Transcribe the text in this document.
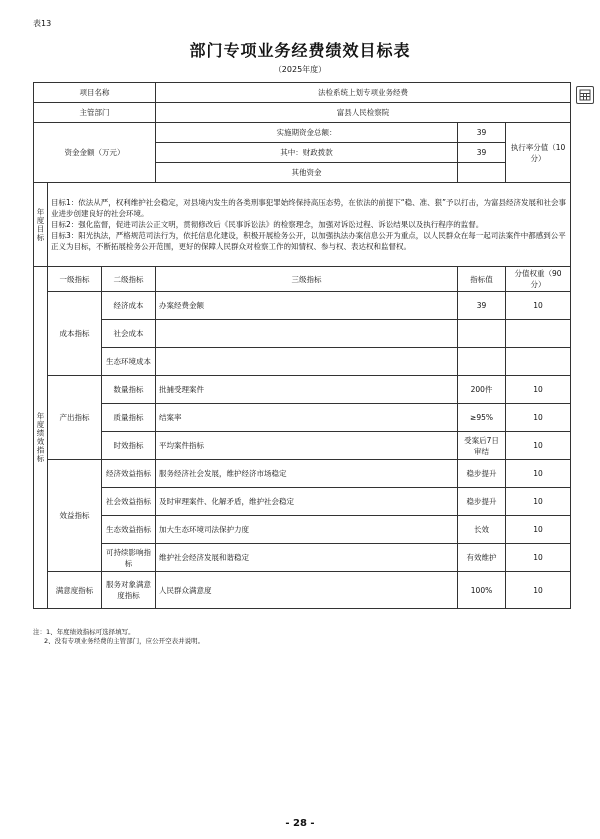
表13
部门专项业务经费绩效目标表
（2025年度）
项目名称			法检系统上划专项业务经费		
主管部门			富县人民检察院		
资金金额（万元）			实施期资金总额：	39	执行率分值（10分）
			其中：财政拨款	39	
			其他资金		
年度目标	目标1：依法从严，权利维护社会稳定，对县境内发生的各类刑事犯罪始终保持高压态势，在依法的前提下“稳、准、狠”予以打击，为富县经济发展和社会事业进步创建良好的社会环境。
目标2：强化监督，促进司法公正文明，贯彻修改后《民事诉讼法》的检察理念，加强对诉讼过程、诉讼结果以及执行程序的监督。
目标3：阳光执法，严格规范司法行为，依托信息化建设，积极开展检务公开，以加强执法办案信息公开为重点，以人民群众在每一起司法案件中都感到公平正义为目标，不断拓展检务公开范围，更好的保障人民群众对检察工作的知情权、参与权、表达权和监督权。				

年度绩效指标	一级指标	二级指标	三级指标	指标值	分值权重（90分）
	成本指标	经济成本	办案经费金额	39	10
		社会成本			
		生态环境成本			
	产出指标	数量指标	批捕受理案件	200件	10
		质量指标	结案率	≥95%	10
		时效指标	平均案件指标	受案后7日审结	10
	效益指标	经济效益指标	服务经济社会发展，维护经济市场稳定	稳步提升	10
		社会效益指标	及时审理案件、化解矛盾，维护社会稳定	稳步提升	10
		生态效益指标	加大生态环境司法保护力度	长效	10
		可持续影响指标	维护社会经济发展和谐稳定	有效维护	10
	满意度指标	服务对象满意度指标	人民群众满意度	100%	10
注：1、年度绩效指标可选择填写。
2、没有专项业务经费的主管部门，应公开空表并说明。
- 28 -
